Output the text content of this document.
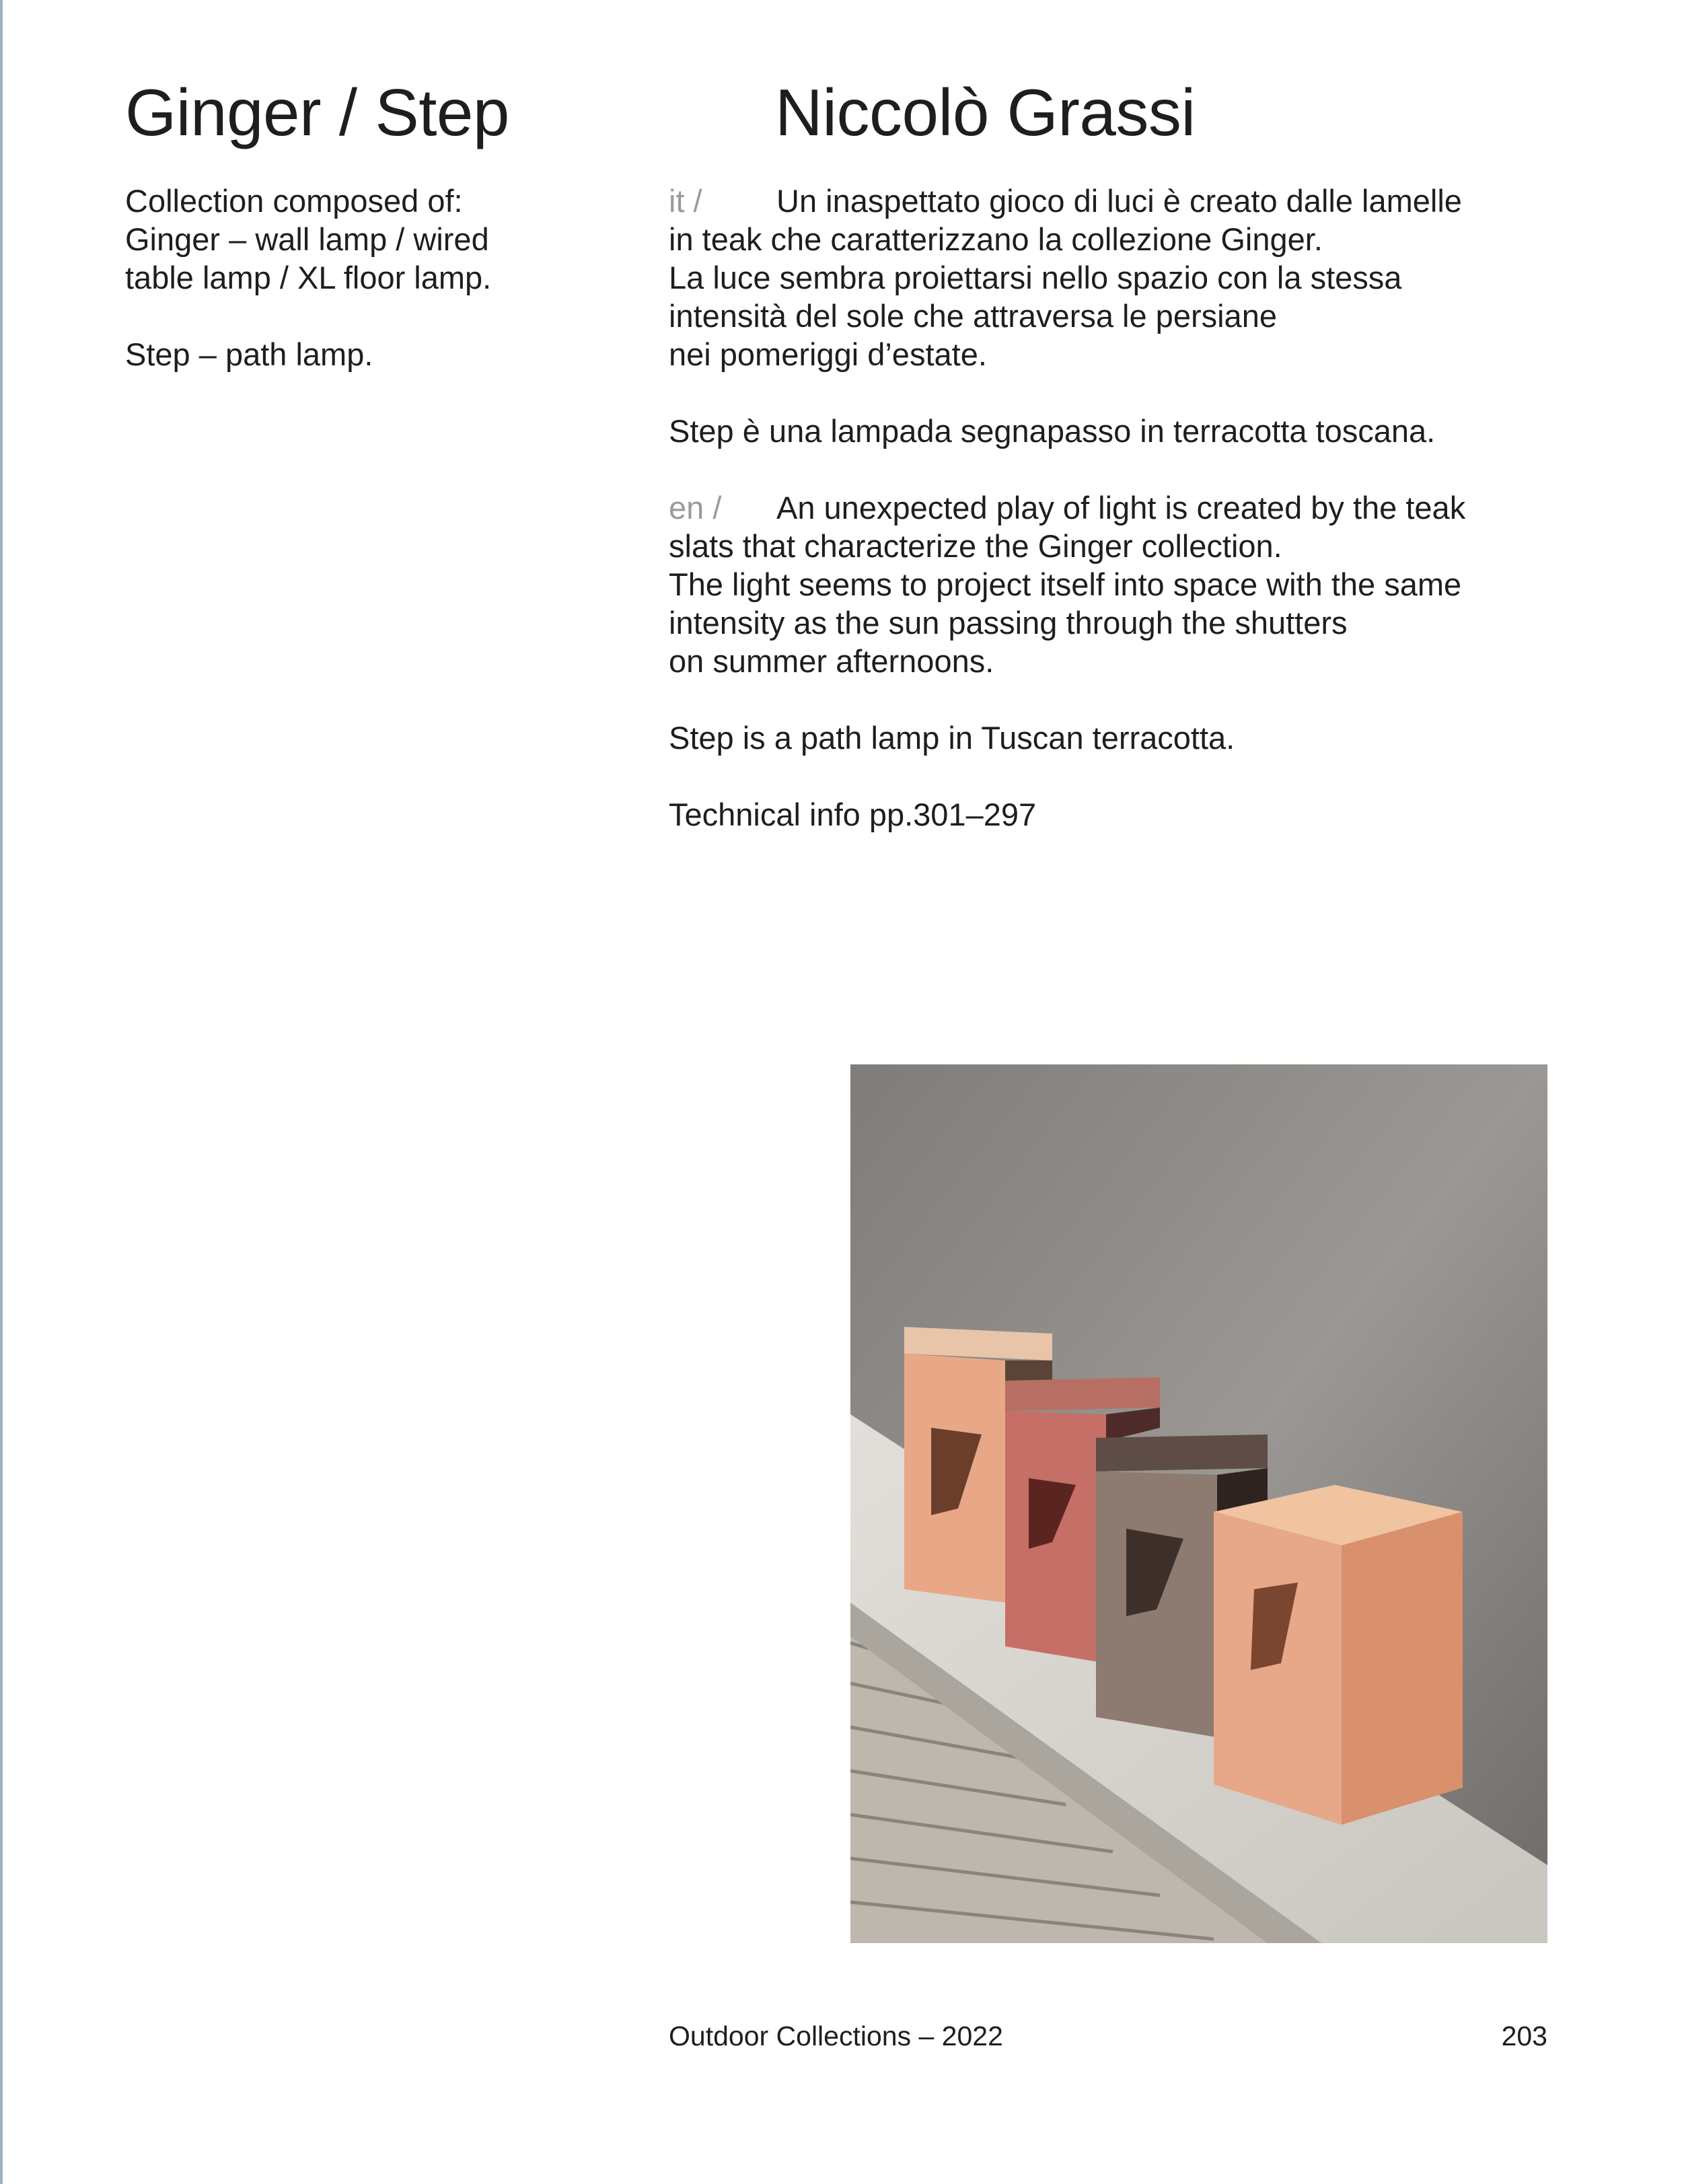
Ginger / Step	Niccolò Grassi

Collection composed of:
Ginger – wall lamp / wired
table lamp / XL floor lamp.

Step – path lamp.

it / Un inaspettato gioco di luci è creato dalle lamelle
in teak che caratterizzano la collezione Ginger.
La luce sembra proiettarsi nello spazio con la stessa
intensità del sole che attraversa le persiane
nei pomeriggi d’estate.

Step è una lampada segnapasso in terracotta toscana.

en / An unexpected play of light is created by the teak
slats that characterize the Ginger collection.
The light seems to project itself into space with the same
intensity as the sun passing through the shutters
on summer afternoons.

Step is a path lamp in Tuscan terracotta.

Technical info pp.301–297

Outdoor Collections – 2022	203
